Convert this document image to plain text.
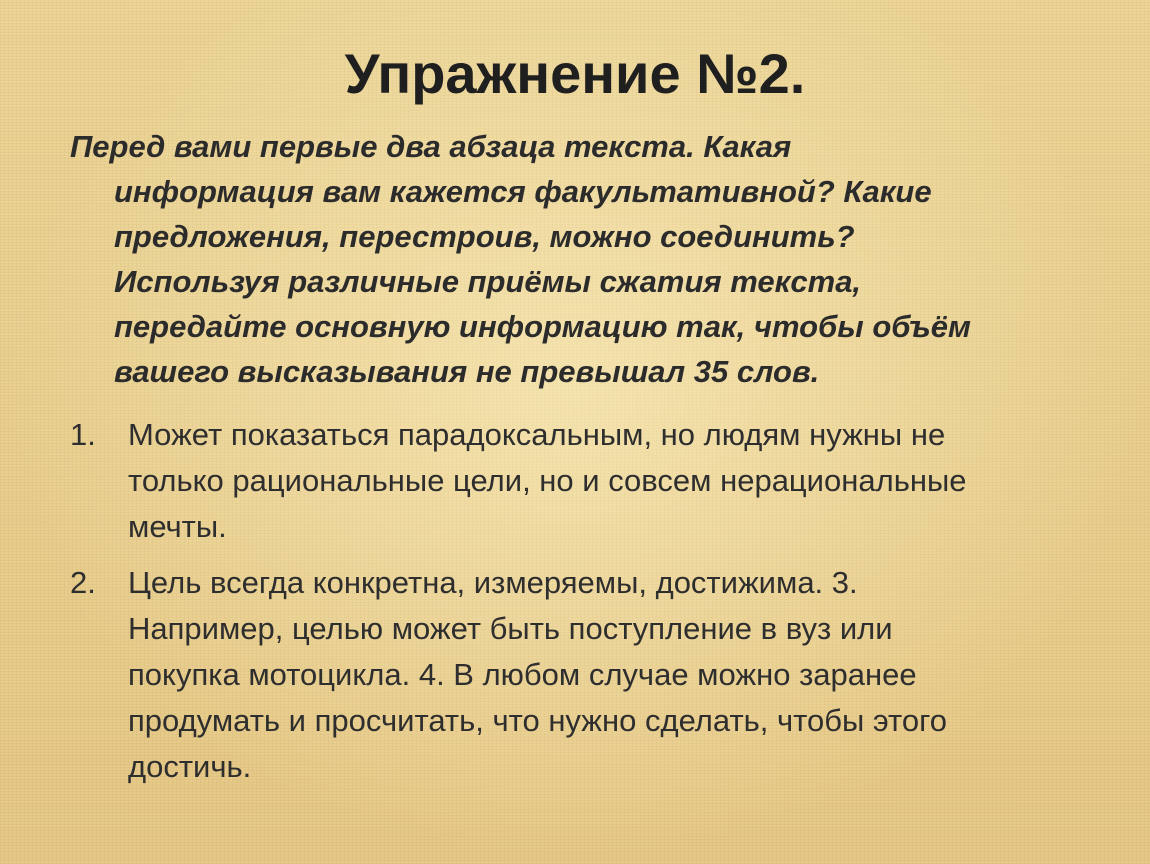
Упражнение №2.
Перед вами первые два абзаца текста. Какая
информация вам кажется факультативной? Какие
предложения, перестроив, можно соединить?
Используя различные приёмы сжатия текста,
передайте основную информацию так, чтобы объём
вашего высказывания не превышал 35 слов.
1. Может показаться парадоксальным, но людям нужны не
только рациональные цели, но и совсем нерациональные
мечты.
2. Цель всегда конкретна, измеряемы, достижима. 3.
Например, целью может быть поступление в вуз или
покупка мотоцикла. 4. В любом случае можно заранее
продумать и просчитать, что нужно сделать, чтобы этого
достичь.
